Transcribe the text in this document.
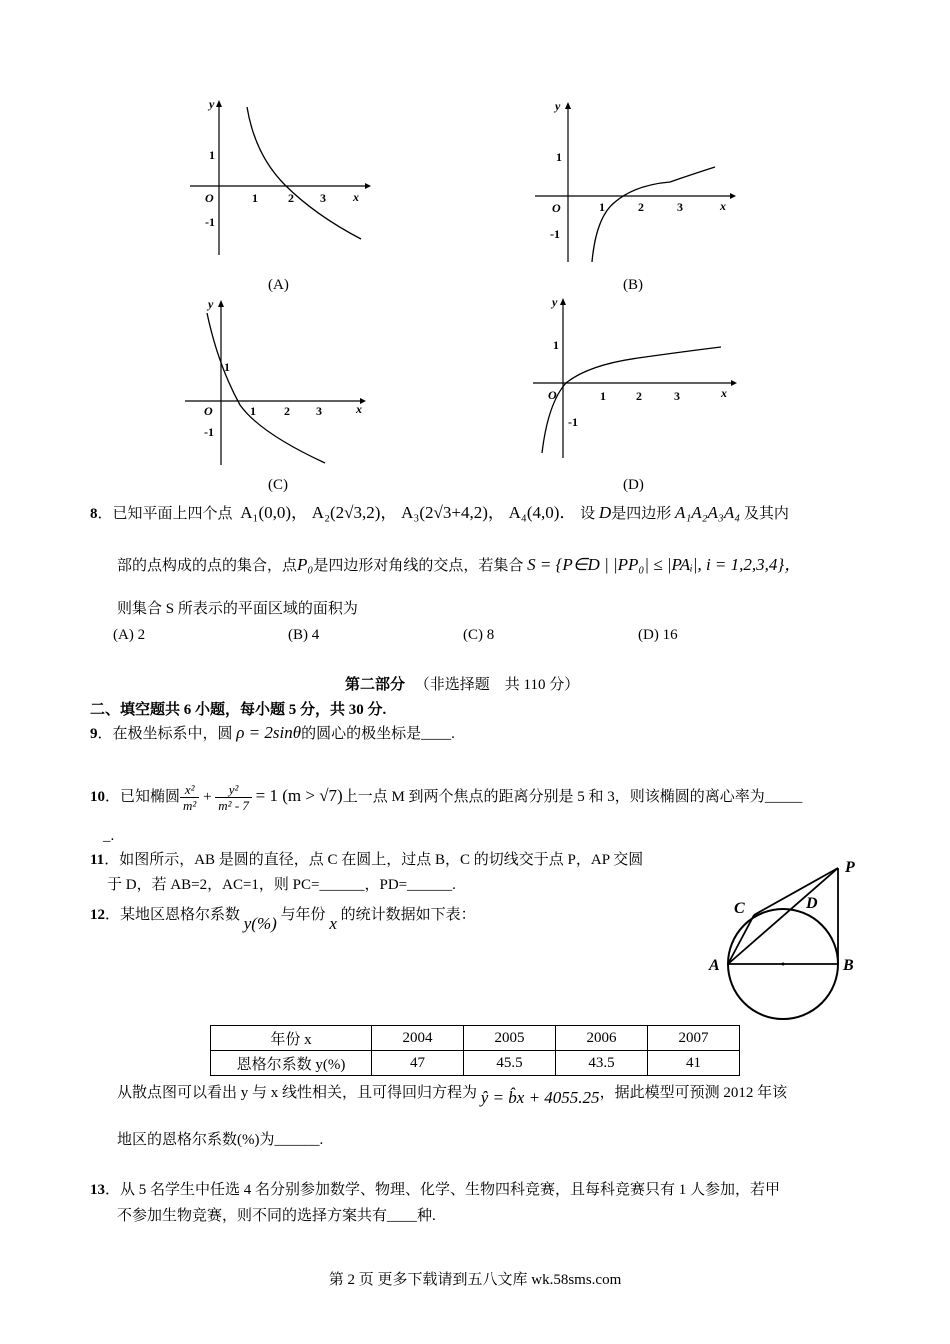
y
x
O	1	2 3
1
-1
(A)
y
x
O	1	2	3
1
-1
(B)
y
x
O	1 2 3
1
-1
(C)
y
x
O	1	2	3
1
-1
(D)
8．已知平面上四个点 A₁(0,0)， A₂(2√3,2)， A₃(2√3+4,2)， A₄(4,0)． 设 D是四边形 A₁A₂A₃A₄ 及其内
部的点构成的点的集合，点P₀是四边形对角线的交点，若集合 S = {P∈D | |PP₀| ≤ |PAᵢ|, i = 1,2,3,4}，
则集合 S 所表示的平面区域的面积为
(A) 2	(B) 4	(C) 8	(D) 16
第二部分 （非选择题　共 110 分）
二、填空题共 6 小题，每小题 5 分，共 30 分.
9．在极坐标系中，圆 ρ = 2sinθ的圆心的极坐标是____.
10．已知椭圆 $\frac{\text{x²}}{\text{m²}} + \frac{\text{y²}}{\text{m² - 7}} = 1$ (m > √7)上一点 M 到两个焦点的距离分别是 5 和 3，则该椭圆的离心率为_____
_.
11．如图所示，AB 是圆的直径，点 C 在圆上，过点 B，C 的切线交于点 P，AP 交圆
于 D，若 AB=2，AC=1，则 PC=______，PD=______.
P
C	D
A	B
12．某地区恩格尔系数 y(%) 与年份 x 的统计数据如下表：
年份 x	2004	2005	2006	2007
恩格尔系数 y(%)	47	45.5	43.5	41
从散点图可以看出 y 与 x 线性相关，且可得回归方程为 ŷ = b̂x + 4055.25，据此模型可预测 2012 年该
地区的恩格尔系数(%)为______.
13．从 5 名学生中任选 4 名分别参加数学、物理、化学、生物四科竞赛，且每科竞赛只有 1 人参加，若甲
不参加生物竞赛，则不同的选择方案共有____种.
第 2 页 更多下载请到五八文库 wk.58sms.com
